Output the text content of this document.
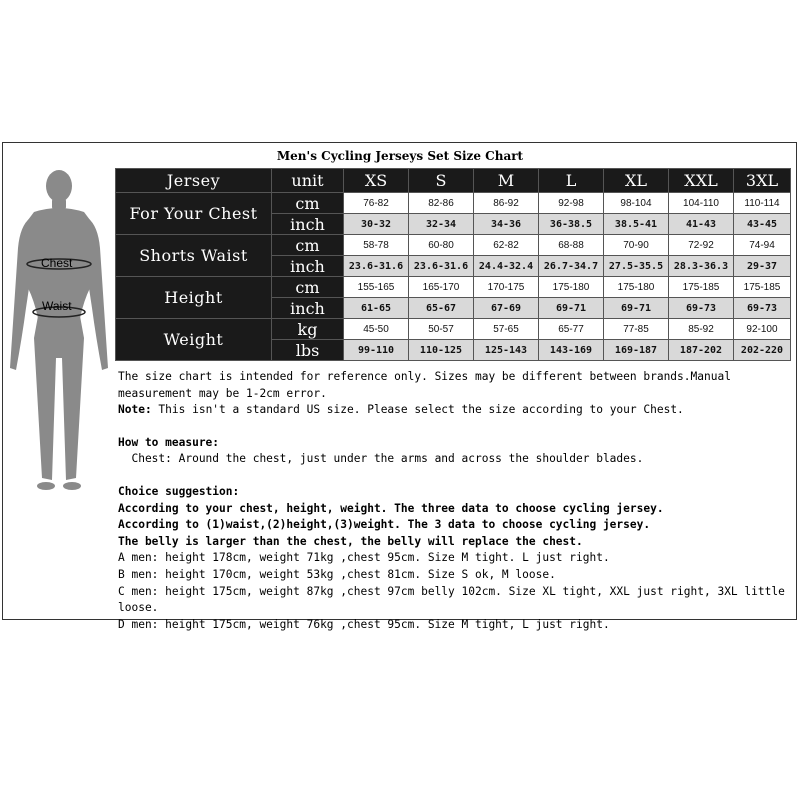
Men's Cycling Jerseys Set Size Chart
Chest
Waist
Jersey	unit	XS	S	M	L	XL	XXL	3XL
For Your Chest	cm	76-82	82-86	86-92	92-98	98-104	104-110	110-114
	inch	30-32	32-34	34-36	36-38.5	38.5-41	41-43	43-45
Shorts Waist	cm	58-78	60-80	62-82	68-88	70-90	72-92	74-94
	inch	23.6-31.6	23.6-31.6	24.4-32.4	26.7-34.7	27.5-35.5	28.3-36.3	29-37
Height	cm	155-165	165-170	170-175	175-180	175-180	175-185	175-185
	inch	61-65	65-67	67-69	69-71	69-71	69-73	69-73
Weight	kg	45-50	50-57	57-65	65-77	77-85	85-92	92-100
	lbs	99-110	110-125	125-143	143-169	169-187	187-202	202-220

The size chart is intended for reference only. Sizes may be different between brands.Manual measurement may be 1-2cm error.

Note: This isn't a standard US size. Please select the size according to your Chest.

How to measure:

Chest: Around the chest, just under the arms and across the shoulder blades.

Choice suggestion:

According to your chest, height, weight. The three data to choose cycling jersey.

According to (1)waist,(2)height,(3)weight. The 3 data to choose cycling jersey.

The belly is larger than the chest, the belly will replace the chest.

A men: height 178cm, weight 71kg ,chest 95cm. Size M tight. L just right.

B men: height 170cm, weight 53kg ,chest 81cm. Size S ok, M loose.

C men: height 175cm, weight 87kg ,chest 97cm belly 102cm. Size XL tight, XXL just right, 3XL little loose.

D men: height 175cm, weight 76kg ,chest 95cm. Size M tight, L just right.
